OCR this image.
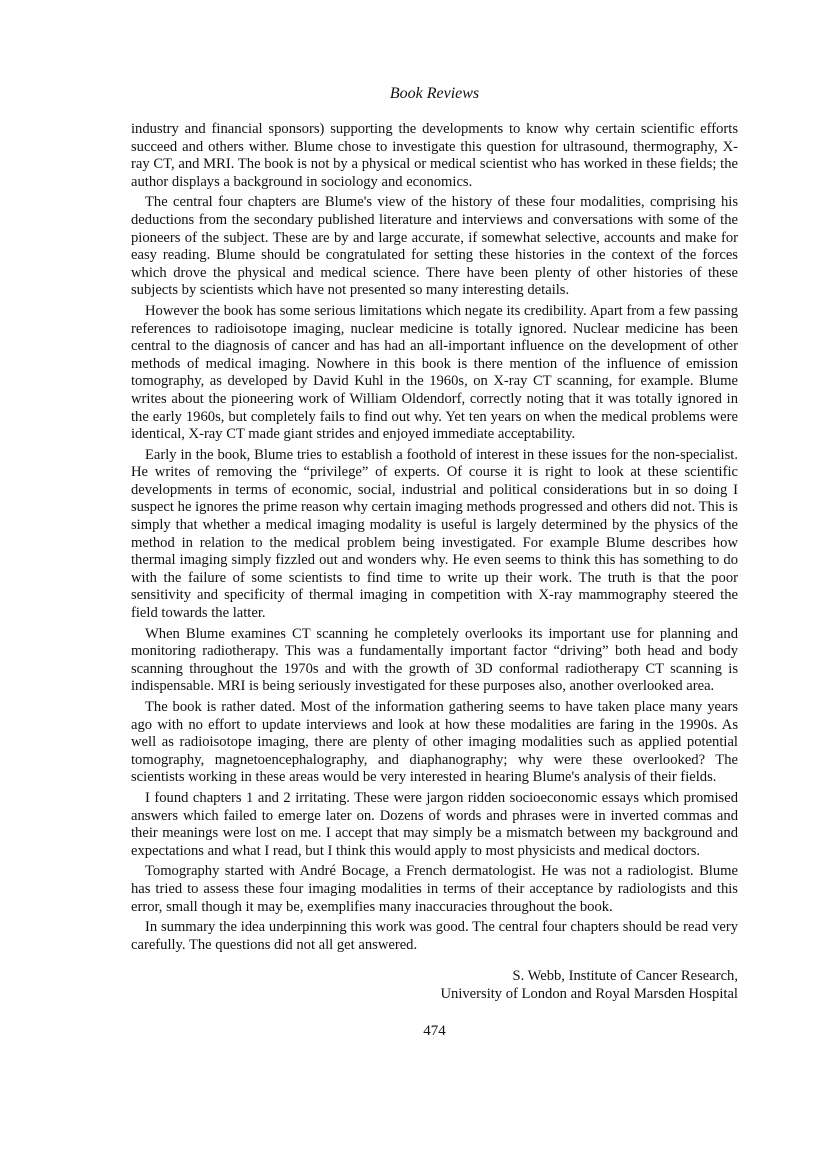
Book Reviews

industry and financial sponsors) supporting the developments to know why certain scientific efforts succeed and others wither. Blume chose to investigate this question for ultrasound, thermography, X-ray CT, and MRI. The book is not by a physical or medical scientist who has worked in these fields; the author displays a background in sociology and economics.

The central four chapters are Blume's view of the history of these four modalities, comprising his deductions from the secondary published literature and interviews and conversations with some of the pioneers of the subject. These are by and large accurate, if somewhat selective, accounts and make for easy reading. Blume should be congratulated for setting these histories in the context of the forces which drove the physical and medical science. There have been plenty of other histories of these subjects by scientists which have not presented so many interesting details.

However the book has some serious limitations which negate its credibility. Apart from a few passing references to radioisotope imaging, nuclear medicine is totally ignored. Nuclear medicine has been central to the diagnosis of cancer and has had an all-important influence on the development of other methods of medical imaging. Nowhere in this book is there mention of the influence of emission tomography, as developed by David Kuhl in the 1960s, on X-ray CT scanning, for example. Blume writes about the pioneering work of William Oldendorf, correctly noting that it was totally ignored in the early 1960s, but completely fails to find out why. Yet ten years on when the medical problems were identical, X-ray CT made giant strides and enjoyed immediate acceptability.

Early in the book, Blume tries to establish a foothold of interest in these issues for the non-specialist. He writes of removing the “privilege” of experts. Of course it is right to look at these scientific developments in terms of economic, social, industrial and political considerations but in so doing I suspect he ignores the prime reason why certain imaging methods progressed and others did not. This is simply that whether a medical imaging modality is useful is largely determined by the physics of the method in relation to the medical problem being investigated. For example Blume describes how thermal imaging simply fizzled out and wonders why. He even seems to think this has something to do with the failure of some scientists to find time to write up their work. The truth is that the poor sensitivity and specificity of thermal imaging in competition with X-ray mammography steered the field towards the latter.

When Blume examines CT scanning he completely overlooks its important use for planning and monitoring radiotherapy. This was a fundamentally important factor “driving” both head and body scanning throughout the 1970s and with the growth of 3D conformal radiotherapy CT scanning is indispensable. MRI is being seriously investigated for these purposes also, another overlooked area.

The book is rather dated. Most of the information gathering seems to have taken place many years ago with no effort to update interviews and look at how these modalities are faring in the 1990s. As well as radioisotope imaging, there are plenty of other imaging modalities such as applied potential tomography, magnetoencephalography, and diaphanography; why were these overlooked? The scientists working in these areas would be very interested in hearing Blume's analysis of their fields.

I found chapters 1 and 2 irritating. These were jargon ridden socioeconomic essays which promised answers which failed to emerge later on. Dozens of words and phrases were in inverted commas and their meanings were lost on me. I accept that may simply be a mismatch between my background and expectations and what I read, but I think this would apply to most physicists and medical doctors.

Tomography started with André Bocage, a French dermatologist. He was not a radiologist. Blume has tried to assess these four imaging modalities in terms of their acceptance by radiologists and this error, small though it may be, exemplifies many inaccuracies throughout the book.

In summary the idea underpinning this work was good. The central four chapters should be read very carefully. The questions did not all get answered.

S. Webb, Institute of Cancer Research,
University of London and Royal Marsden Hospital
474
